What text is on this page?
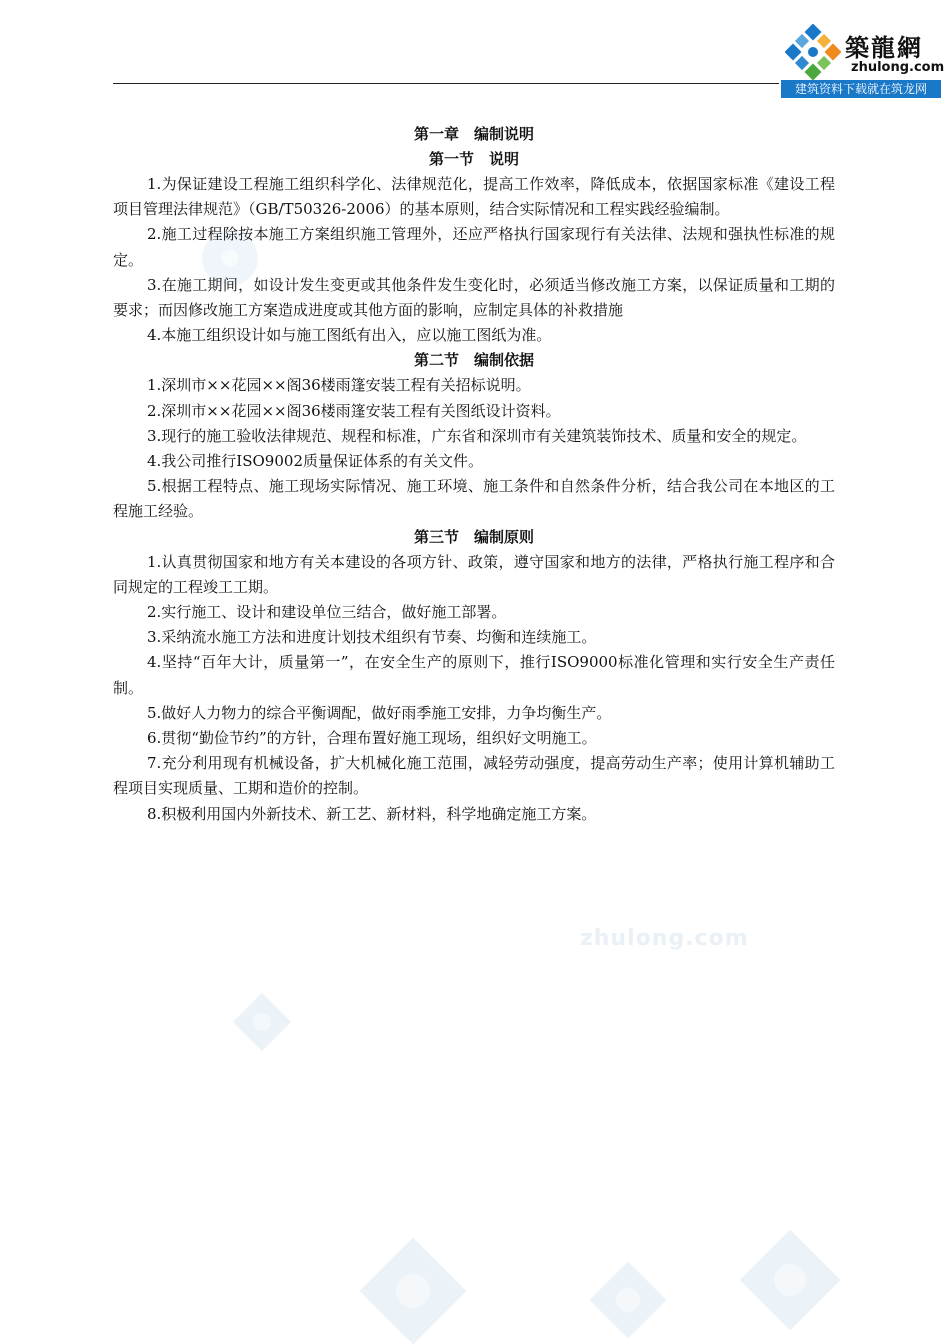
築龍網
zhulong.com
建筑资料下载就在筑龙网
zhulong.com
第一章　编制说明
第一节　说明

1.为保证建设工程施工组织科学化、法律规范化，提高工作效率，降低成本，依据国家标准《建设工程项目管理法律规范》（GB/T50326-2006）的基本原则，结合实际情况和工程实践经验编制。

2.施工过程除按本施工方案组织施工管理外，还应严格执行国家现行有关法律、法规和强执性标准的规定。

3.在施工期间，如设计发生变更或其他条件发生变化时，必须适当修改施工方案，以保证质量和工期的要求；而因修改施工方案造成进度或其他方面的影响，应制定具体的补救措施

4.本施工组织设计如与施工图纸有出入，应以施工图纸为准。

第二节　编制依据

1.深圳市××花园××阁36楼雨篷安装工程有关招标说明。

2.深圳市××花园××阁36楼雨篷安装工程有关图纸设计资料。

3.现行的施工验收法律规范、规程和标准，广东省和深圳市有关建筑装饰技术、质量和安全的规定。

4.我公司推行ISO9002质量保证体系的有关文件。

5.根据工程特点、施工现场实际情况、施工环境、施工条件和自然条件分析，结合我公司在本地区的工程施工经验。

第三节　编制原则

1.认真贯彻国家和地方有关本建设的各项方针、政策，遵守国家和地方的法律，严格执行施工程序和合同规定的工程竣工工期。

2.实行施工、设计和建设单位三结合，做好施工部署。

3.采纳流水施工方法和进度计划技术组织有节奏、均衡和连续施工。

4.坚持“百年大计，质量第一”，在安全生产的原则下，推行ISO9000标准化管理和实行安全生产责任制。

5.做好人力物力的综合平衡调配，做好雨季施工安排，力争均衡生产。

6.贯彻“勤俭节约”的方针，合理布置好施工现场，组织好文明施工。

7.充分利用现有机械设备，扩大机械化施工范围，减轻劳动强度，提高劳动生产率；使用计算机辅助工程项目实现质量、工期和造价的控制。

8.积极利用国内外新技术、新工艺、新材料，科学地确定施工方案。
